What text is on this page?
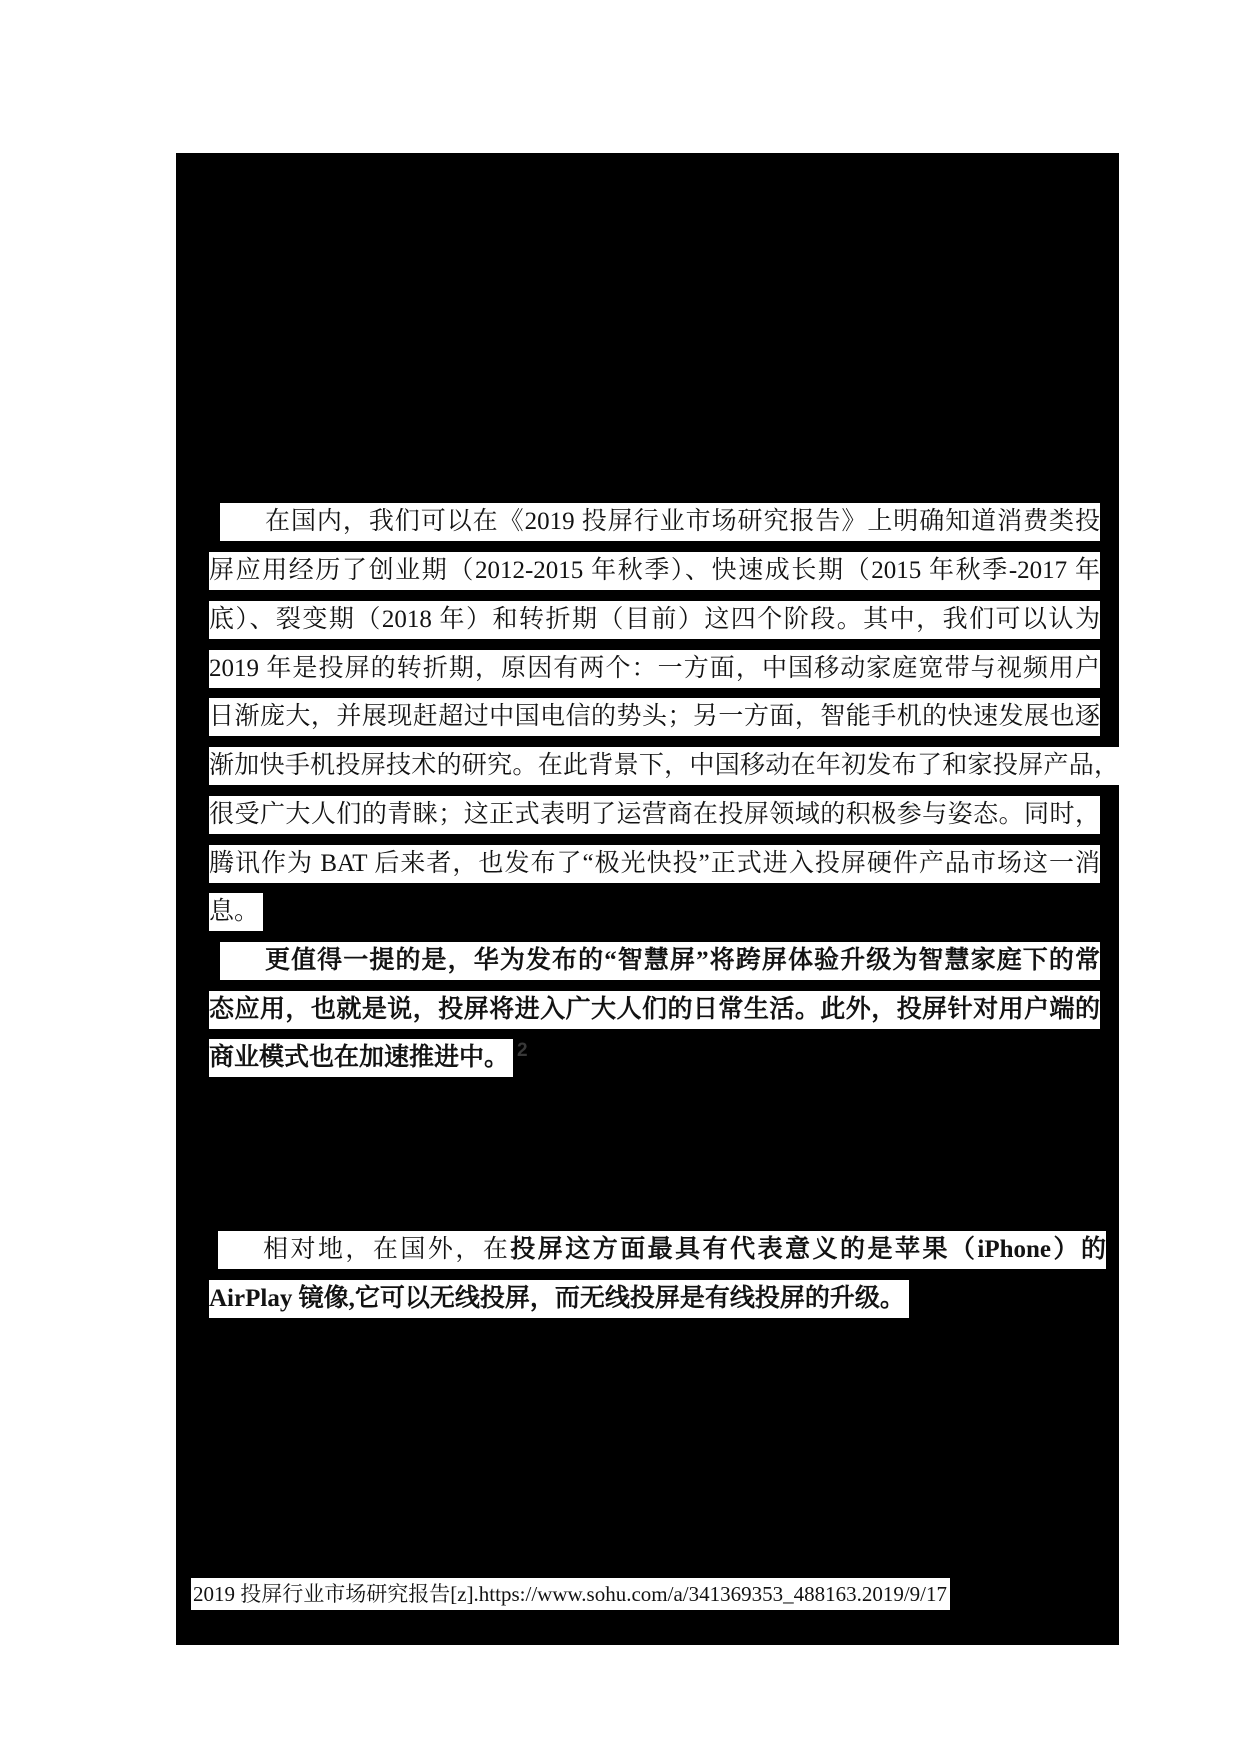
在国内，我们可以在《2019 投屏行业市场研究报告》上明确知道消费类投
屏应用经历了创业期（2012-2015 年秋季）、快速成长期（2015 年秋季-2017 年
底）、裂变期（2018 年）和转折期（目前）这四个阶段。其中，我们可以认为
2019 年是投屏的转折期，原因有两个：一方面，中国移动家庭宽带与视频用户
日渐庞大，并展现赶超过中国电信的势头；另一方面，智能手机的快速发展也逐
渐加快手机投屏技术的研究。在此背景下，中国移动在年初发布了和家投屏产品，
很受广大人们的青睐；这正式表明了运营商在投屏领域的积极参与姿态。同时，
腾讯作为 BAT 后来者，也发布了“极光快投”正式进入投屏硬件产品市场这一消
息。
更值得一提的是，华为发布的“智慧屏”将跨屏体验升级为智慧家庭下的常
态应用，也就是说，投屏将进入广大人们的日常生活。此外，投屏针对用户端的
商业模式也在加速推进中。 2
相对地，在国外，在投屏这方面最具有代表意义的是苹果（iPhone）的
AirPlay 镜像,它可以无线投屏，而无线投屏是有线投屏的升级。
2019 投屏行业市场研究报告[z].https://www.sohu.com/a/341369353_488163.2019/9/17
